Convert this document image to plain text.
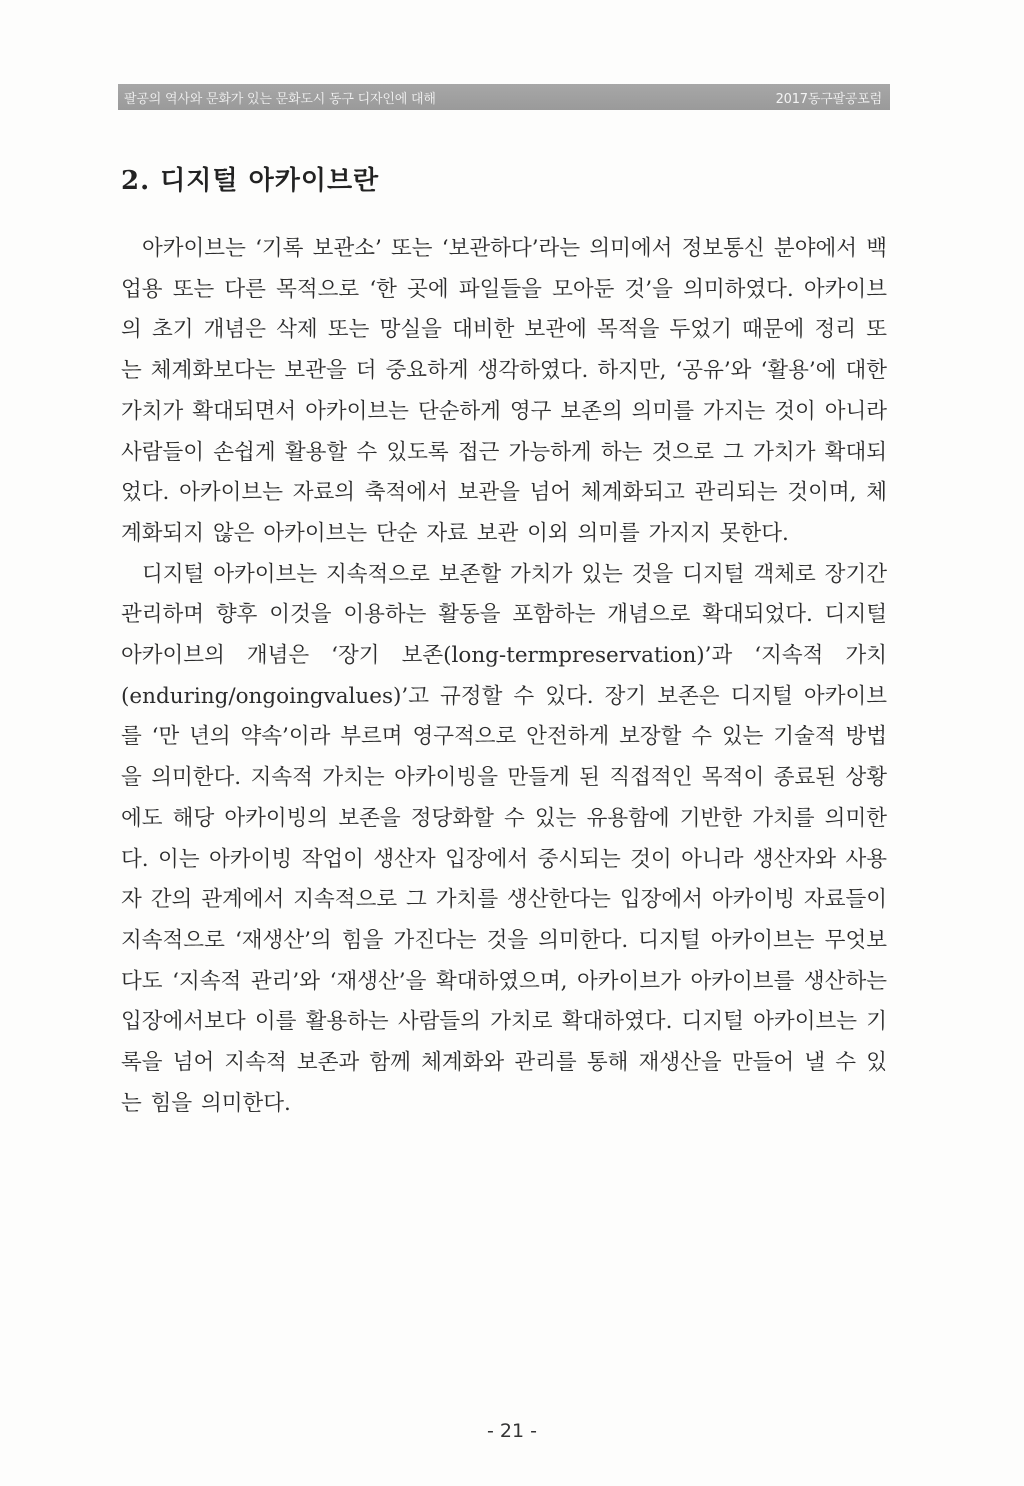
팔공의 역사와 문화가 있는 문화도시 동구 디자인에 대해	2017동구팔공포럼
2. 디지털 아카이브란

아카이브는 ‘기록 보관소’ 또는 ‘보관하다’라는 의미에서 정보통신 분야에서 백업용 또는 다른 목적으로 ‘한 곳에 파일들을 모아둔 것’을 의미하였다. 아카이브의 초기 개념은 삭제 또는 망실을 대비한 보관에 목적을 두었기 때문에 정리 또는 체계화보다는 보관을 더 중요하게 생각하였다. 하지만, ‘공유’와 ‘활용’에 대한 가치가 확대되면서 아카이브는 단순하게 영구 보존의 의미를 가지는 것이 아니라 사람들이 손쉽게 활용할 수 있도록 접근 가능하게 하는 것으로 그 가치가 확대되었다. 아카이브는 자료의 축적에서 보관을 넘어 체계화되고 관리되는 것이며, 체계화되지 않은 아카이브는 단순 자료 보관 이외 의미를 가지지 못한다.

디지털 아카이브는 지속적으로 보존할 가치가 있는 것을 디지털 객체로 장기간 관리하며 향후 이것을 이용하는 활동을 포함하는 개념으로 확대되었다. 디지털 아카이브의 개념은 ‘장기 보존(long-termpreservation)’과 ‘지속적 가치(enduring/ongoingvalues)’고 규정할 수 있다. 장기 보존은 디지털 아카이브를 ‘만 년의 약속’이라 부르며 영구적으로 안전하게 보장할 수 있는 기술적 방법을 의미한다. 지속적 가치는 아카이빙을 만들게 된 직접적인 목적이 종료된 상황에도 해당 아카이빙의 보존을 정당화할 수 있는 유용함에 기반한 가치를 의미한다. 이는 아카이빙 작업이 생산자 입장에서 중시되는 것이 아니라 생산자와 사용자 간의 관계에서 지속적으로 그 가치를 생산한다는 입장에서 아카이빙 자료들이 지속적으로 ‘재생산’의 힘을 가진다는 것을 의미한다. 디지털 아카이브는 무엇보다도 ‘지속적 관리’와 ‘재생산’을 확대하였으며, 아카이브가 아카이브를 생산하는 입장에서보다 이를 활용하는 사람들의 가치로 확대하였다. 디지털 아카이브는 기록을 넘어 지속적 보존과 함께 체계화와 관리를 통해 재생산을 만들어 낼 수 있는 힘을 의미한다.

- 21 -
